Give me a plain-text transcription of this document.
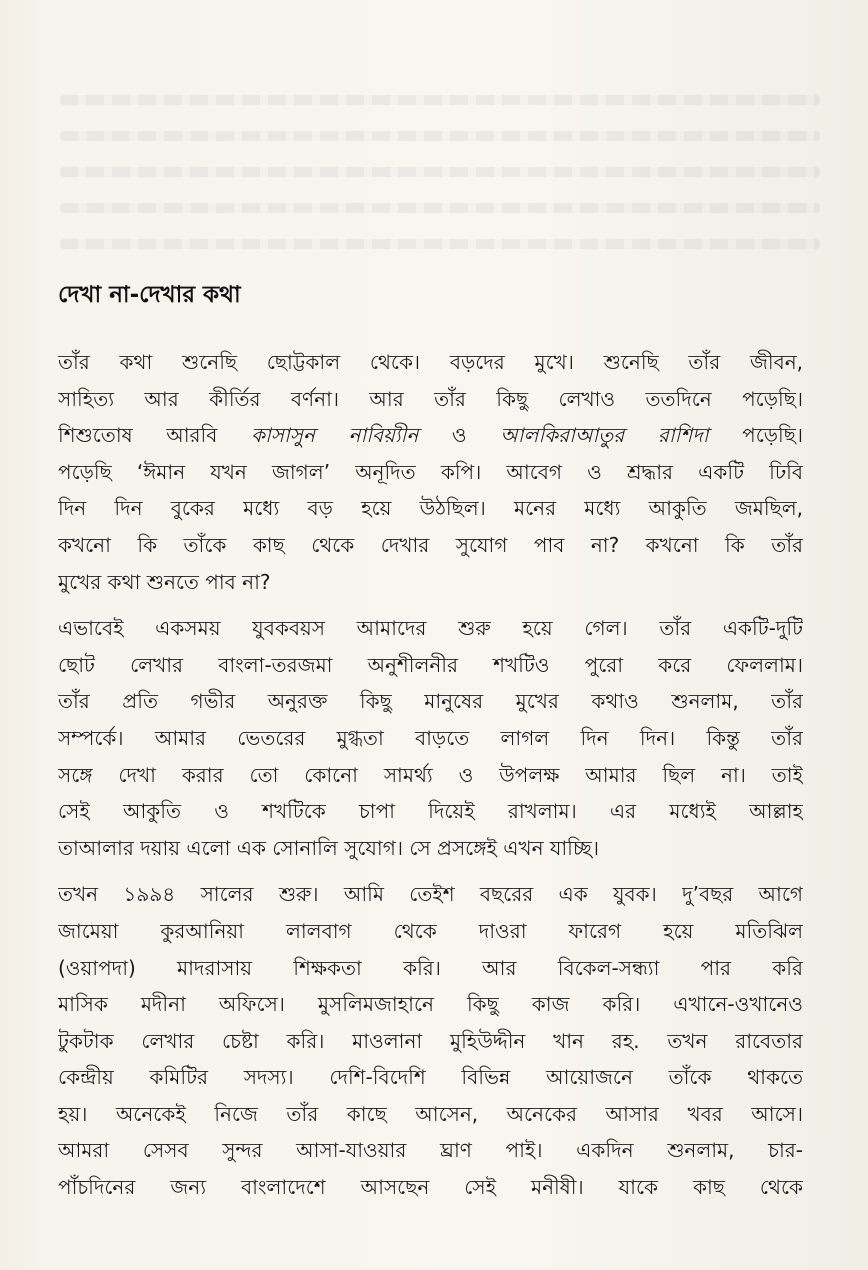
দেখা না-দেখার কথা
তাঁর কথা শুনেছি ছোট্টকাল থেকে। বড়দের মুখে। শুনেছি তাঁর জীবন,
সাহিত্য আর কীর্তির বর্ণনা। আর তাঁর কিছু লেখাও ততদিনে পড়েছি।
শিশুতোষ আরবি কাসাসুন নাবিয়্যীন ও আলকিরাআতুর রাশিদা পড়েছি।
পড়েছি ‘ঈমান যখন জাগল’ অনূদিত কপি। আবেগ ও শ্রদ্ধার একটি ঢিবি
দিন দিন বুকের মধ্যে বড় হয়ে উঠছিল। মনের মধ্যে আকুতি জমছিল,
কখনো কি তাঁকে কাছ থেকে দেখার সুযোগ পাব না? কখনো কি তাঁর
মুখের কথা শুনতে পাব না?
এভাবেই একসময় যুবকবয়স আমাদের শুরু হয়ে গেল। তাঁর একটি-দুটি
ছোট লেখার বাংলা-তরজমা অনুশীলনীর শখটিও পুরো করে ফেললাম।
তাঁর প্রতি গভীর অনুরক্ত কিছু মানুষের মুখের কথাও শুনলাম, তাঁর
সম্পর্কে। আমার ভেতরের মুগ্ধতা বাড়তে লাগল দিন দিন। কিন্তু তাঁর
সঙ্গে দেখা করার তো কোনো সামর্থ্য ও উপলক্ষ আমার ছিল না। তাই
সেই আকুতি ও শখটিকে চাপা দিয়েই রাখলাম। এর মধ্যেই আল্লাহ
তাআলার দয়ায় এলো এক সোনালি সুযোগ। সে প্রসঙ্গেই এখন যাচ্ছি।
তখন ১৯৯৪ সালের শুরু। আমি তেইশ বছরের এক যুবক। দু’বছর আগে
জামেয়া কুরআনিয়া লালবাগ থেকে দাওরা ফারেগ হয়ে মতিঝিল
(ওয়াপদা) মাদরাসায় শিক্ষকতা করি। আর বিকেল-সন্ধ্যা পার করি
মাসিক মদীনা অফিসে। মুসলিমজাহানে কিছু কাজ করি। এখানে-ওখানেও
টুকটাক লেখার চেষ্টা করি। মাওলানা মুহিউদ্দীন খান রহ. তখন রাবেতার
কেন্দ্রীয় কমিটির সদস্য। দেশি-বিদেশি বিভিন্ন আয়োজনে তাঁকে থাকতে
হয়। অনেকেই নিজে তাঁর কাছে আসেন, অনেকের আসার খবর আসে।
আমরা সেসব সুন্দর আসা-যাওয়ার ঘ্রাণ পাই। একদিন শুনলাম, চার-
পাঁচদিনের জন্য বাংলাদেশে আসছেন সেই মনীষী। যাকে কাছ থেকে
